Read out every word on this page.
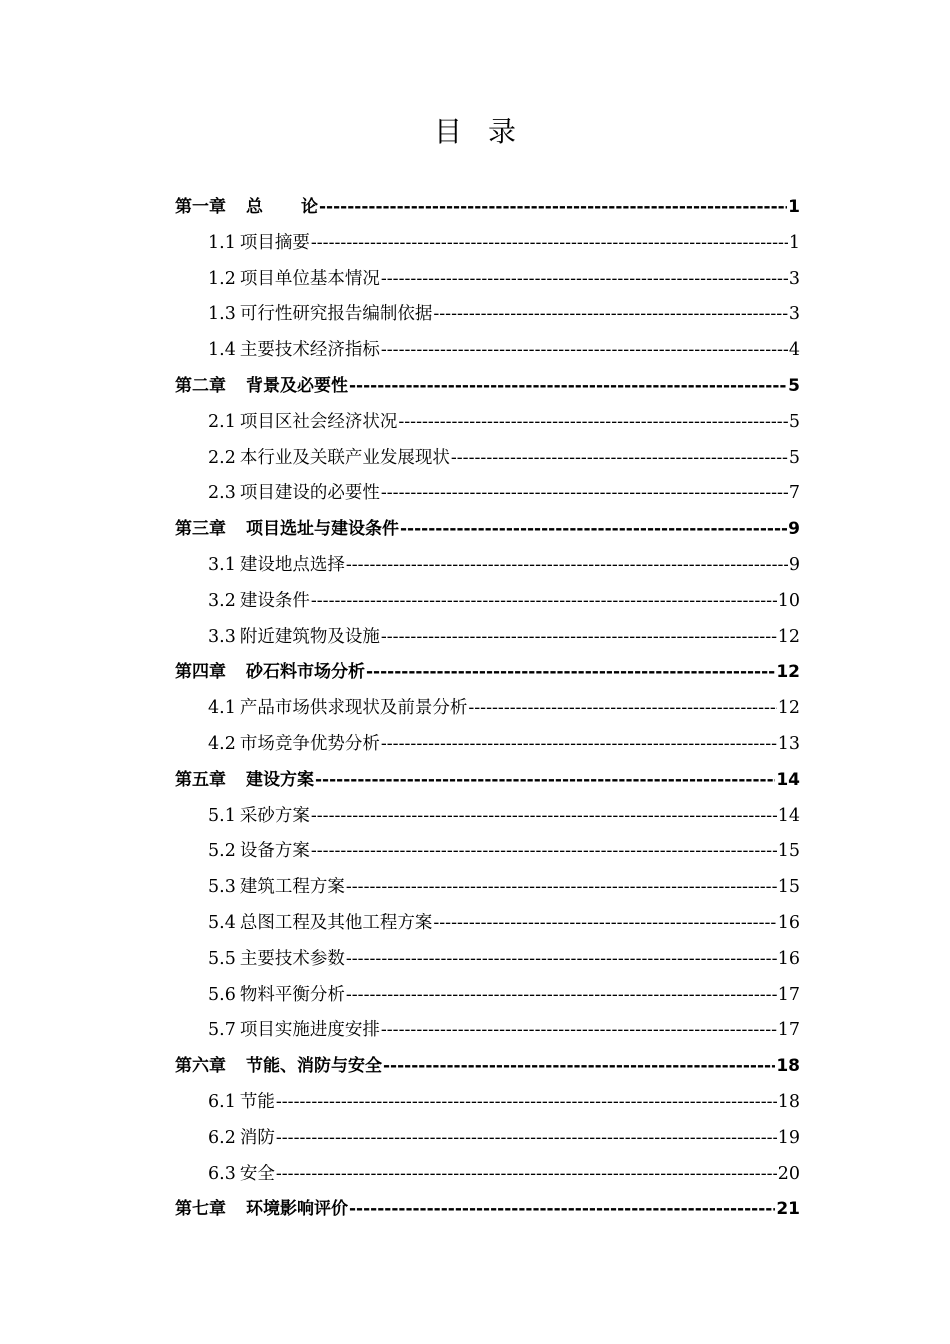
目录
第一章 总 论 -----	1
1.1 项目摘要 -----	1
1.2 项目单位基本情况 -----	3
1.3 可行性研究报告编制依据 -----	3
1.4 主要技术经济指标 -----	4
第二章 背景及必要性 -----	5
2.1 项目区社会经济状况 -----	5
2.2 本行业及关联产业发展现状 -----	5
2.3 项目建设的必要性 -----	7
第三章 项目选址与建设条件 -----	9
3.1 建设地点选择 -----	9
3.2 建设条件 -----	10
3.3 附近建筑物及设施 -----	12
第四章 砂石料市场分析 -----	12
4.1 产品市场供求现状及前景分析 -----	12
4.2 市场竞争优势分析 -----	13
第五章 建设方案 -----	14
5.1 采砂方案 -----	14
5.2 设备方案 -----	15
5.3 建筑工程方案 -----	15
5.4 总图工程及其他工程方案 -----	16
5.5 主要技术参数 -----	16
5.6 物料平衡分析 -----	17
5.7 项目实施进度安排 -----	17
第六章 节能、消防与安全 -----	18
6.1 节能 -----	18
6.2 消防 -----	19
6.3 安全 -----	20
第七章 环境影响评价 -----	21
